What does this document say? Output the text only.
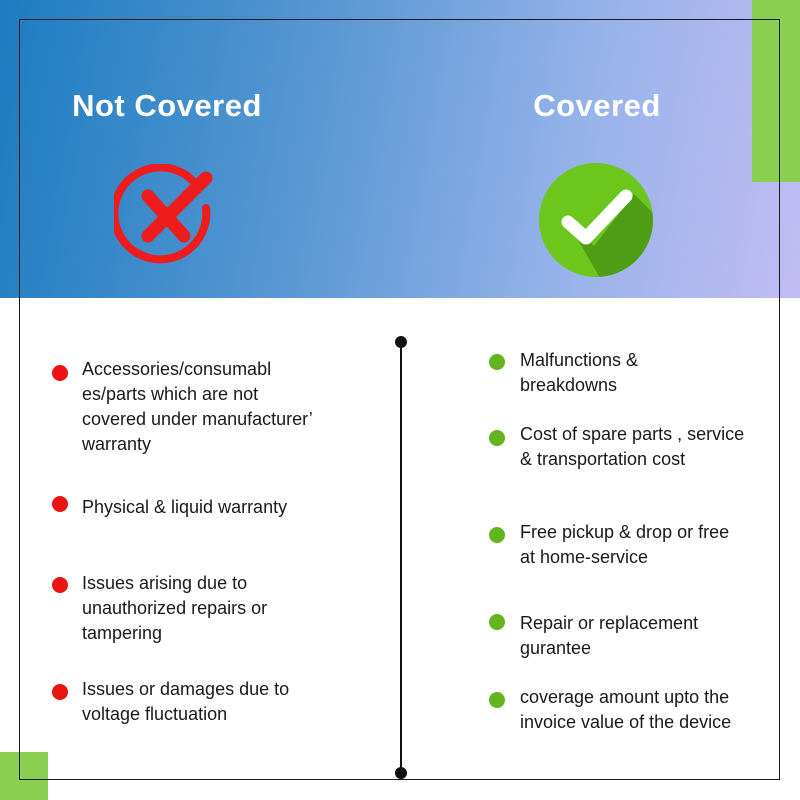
Not Covered	Covered
Accessories/consumabl es/parts which are not covered under manufacturer’ warranty
Physical & liquid warranty
Issues arising due to unauthorized repairs or tampering
Issues or damages due to voltage fluctuation
Malfunctions & breakdowns
Cost of spare parts , service & transportation cost
Free pickup & drop or free at home-service
Repair or replacement gurantee
coverage amount upto the invoice value of the device
